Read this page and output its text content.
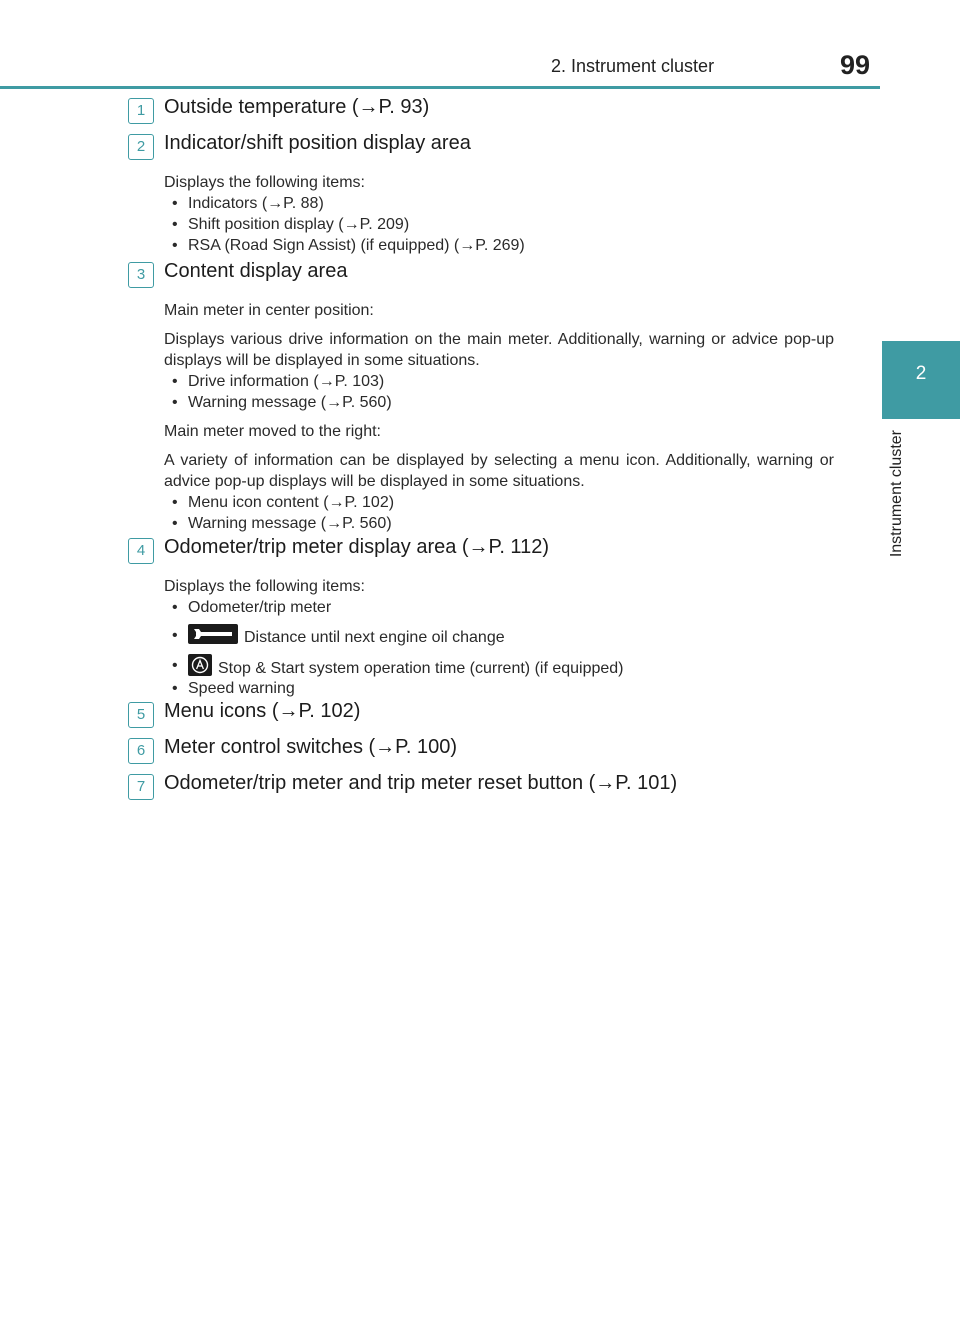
2. Instrument cluster	99
2
Instrument cluster
1 Outside temperature (→P. 93)
2 Indicator/shift position display area

Displays the following items:

• Indicators (→P. 88)
• Shift position display (→P. 209)
• RSA (Road Sign Assist) (if equipped) (→P. 269)
3 Content display area

Main meter in center position:

Displays various drive information on the main meter. Additionally, warning or advice pop-up displays will be displayed in some situations.

• Drive information (→P. 103)
• Warning message (→P. 560)

Main meter moved to the right:

A variety of information can be displayed by selecting a menu icon. Additionally, warning or advice pop-up displays will be displayed in some situations.

• Menu icon content (→P. 102)
• Warning message (→P. 560)
4 Odometer/trip meter display area (→P. 112)

Displays the following items:

• Odometer/trip meter
• Distance until next engine oil change
• Stop & Start system operation time (current) (if equipped)
• Speed warning
5 Menu icons (→P. 102)
6 Meter control switches (→P. 100)
7 Odometer/trip meter and trip meter reset button (→P. 101)
